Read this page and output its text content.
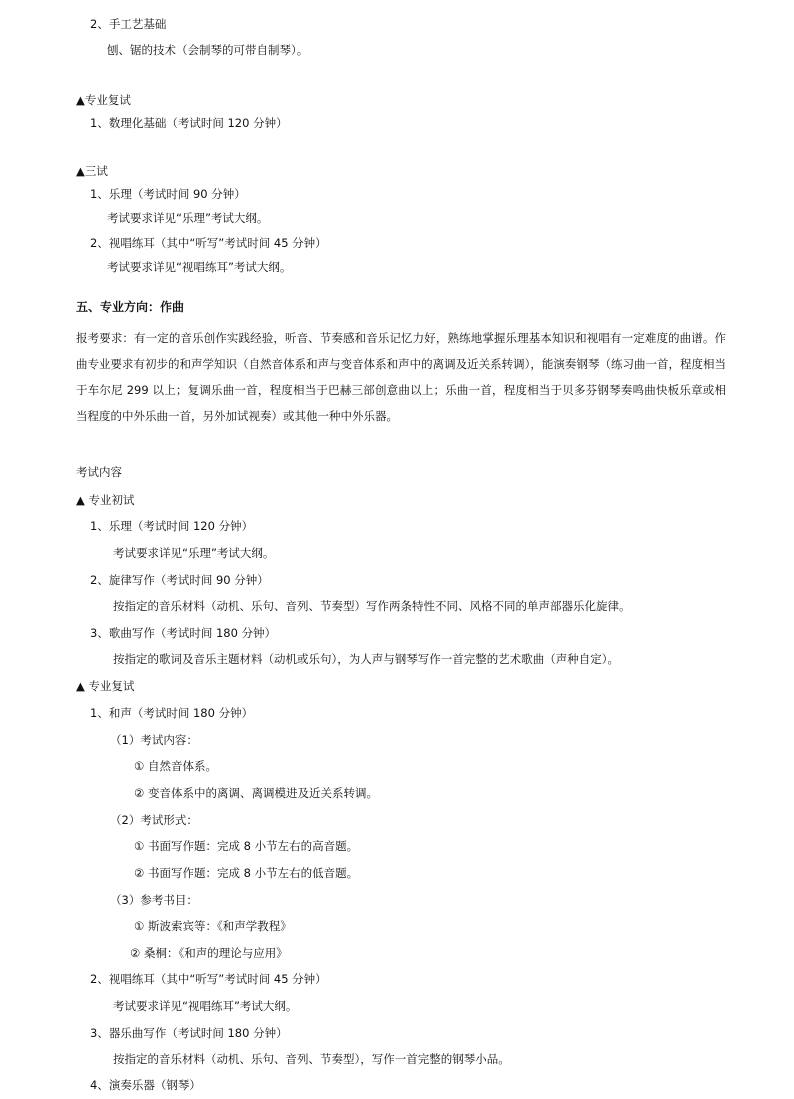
2、手工艺基础
刨、锯的技术（会制琴的可带自制琴）。
▲专业复试
1、数理化基础（考试时间 120 分钟）
▲三试
1、乐理（考试时间 90 分钟）
考试要求详见“乐理”考试大纲。
2、视唱练耳（其中“听写”考试时间 45 分钟）
考试要求详见“视唱练耳”考试大纲。
五、专业方向：作曲
报考要求：有一定的音乐创作实践经验，听音、节奏感和音乐记忆力好，熟练地掌握乐理基本知识和视唱有一定难度的曲谱。作曲专业要求有初步的和声学知识（自然音体系和声与变音体系和声中的离调及近关系转调），能演奏钢琴（练习曲一首，程度相当于车尔尼 299 以上；复调乐曲一首，程度相当于巴赫三部创意曲以上；乐曲一首，程度相当于贝多芬钢琴奏鸣曲快板乐章或相当程度的中外乐曲一首，另外加试视奏）或其他一种中外乐器。
考试内容
▲ 专业初试
1、乐理（考试时间 120 分钟）
考试要求详见“乐理”考试大纲。
2、旋律写作（考试时间 90 分钟）
按指定的音乐材料（动机、乐句、音列、节奏型）写作两条特性不同、风格不同的单声部器乐化旋律。
3、歌曲写作（考试时间 180 分钟）
按指定的歌词及音乐主题材料（动机或乐句），为人声与钢琴写作一首完整的艺术歌曲（声种自定）。
▲ 专业复试
1、和声（考试时间 180 分钟）
（1）考试内容：
① 自然音体系。
② 变音体系中的离调、离调模进及近关系转调。
（2）考试形式：
① 书面写作题：完成 8 小节左右的高音题。
② 书面写作题：完成 8 小节左右的低音题。
（3）参考书目：
① 斯波索宾等：《和声学教程》
② 桑桐：《和声的理论与应用》
2、视唱练耳（其中“听写”考试时间 45 分钟）
考试要求详见“视唱练耳”考试大纲。
3、器乐曲写作（考试时间 180 分钟）
按指定的音乐材料（动机、乐句、音列、节奏型），写作一首完整的钢琴小品。
4、演奏乐器（钢琴）
